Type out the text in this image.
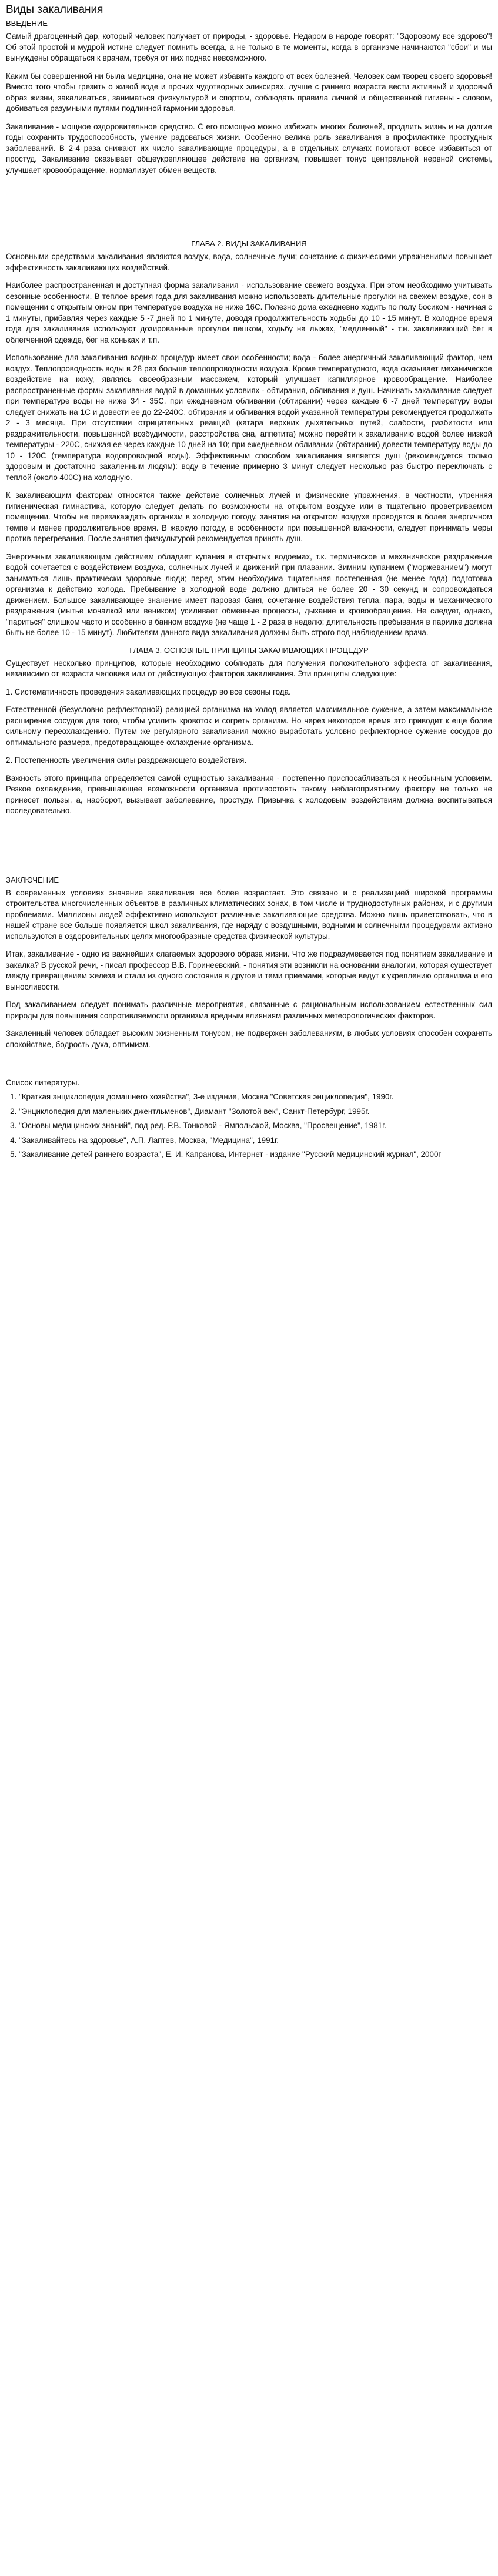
Виды закаливания
ВВЕДЕНИЕ

Самый драгоценный дар, который человек получает от природы, - здоровье. Недаром в народе говорят: "Здоровому все здорово"! Об этой простой и мудрой истине следует помнить всегда, а не только в те моменты, когда в организме начинаются "сбои" и мы вынуждены обращаться к врачам, требуя от них подчас невозможного.

Каким бы совершенной ни была медицина, она не может избавить каждого от всех болезней. Человек сам творец своего здоровья! Вместо того чтобы грезить о живой воде и прочих чудотворных эликсирах, лучше с раннего возраста вести активный и здоровый образ жизни, закаливаться, заниматься физкультурой и спортом, соблюдать правила личной и общественной гигиены - словом, добиваться разумными путями подлинной гармонии здоровья.

Закаливание - мощное оздоровительное средство. С его помощью можно избежать многих болезней, продлить жизнь и на долгие годы сохранить трудоспособность, умение радоваться жизни. Особенно велика роль закаливания в профилактике простудных заболеваний. В 2-4 раза снижают их число закаливающие процедуры, а в отдельных случаях помогают вовсе избавиться от простуд. Закаливание оказывает общеукрепляющее действие на организм, повышает тонус центральной нервной системы, улучшает кровообращение, нормализует обмен веществ.

ГЛАВА 2. ВИДЫ ЗАКАЛИВАНИЯ

Основными средствами закаливания являются воздух, вода, солнечные лучи; сочетание с физическими упражнениями повышает эффективность закаливающих воздействий.

Наиболее распространенная и доступная форма закаливания - использование свежего воздуха. При этом необходимо учитывать сезонные особенности. В теплое время года для закаливания можно использовать длительные прогулки на свежем воздухе, сон в помещении с открытым окном при температуре воздуха не ниже 16С. Полезно дома ежедневно ходить по полу босиком - начиная с 1 минуты, прибавляя через каждые 5 -7 дней по 1 минуте, доводя продолжительность ходьбы до 10 - 15 минут. В холодное время года для закаливания используют дозированные прогулки пешком, ходьбу на лыжах, "медленный" - т.н. закаливающий бег в облегченной одежде, бег на коньках и т.п.

Использование для закаливания водных процедур имеет свои особенности; вода - более энергичный закаливающий фактор, чем воздух. Теплопроводность воды в 28 раз больше теплопроводности воздуха. Кроме температурного, вода оказывает механическое воздействие на кожу, являясь своеобразным массажем, который улучшает капиллярное кровообращение. Наиболее распространенные формы закаливания водой в домашних условиях - обтирания, обливания и душ. Начинать закаливание следует при температуре воды не ниже 34 - 35С. при ежедневном обливании (обтирании) через каждые 6 -7 дней температуру воды следует снижать на 1С и довести ее до 22-240С. обтирания и обливания водой указанной температуры рекомендуется продолжать 2 - 3 месяца. При отсутствии отрицательных реакций (катара верхних дыхательных путей, слабости, разбитости или раздражительности, повышенной возбудимости, расстройства сна, аппетита) можно перейти к закаливанию водой более низкой температуры - 220С, снижая ее через каждые 10 дней на 10; при ежедневном обливании (обтирании) довести температуру воды до 10 - 120С (температура водопроводной воды). Эффективным способом закаливания является душ (рекомендуется только здоровым и достаточно закаленным людям): воду в течение примерно 3 минут следует несколько раз быстро переключать с теплой (около 400С) на холодную.

К закаливающим факторам относятся также действие солнечных лучей и физические упражнения, в частности, утренняя гигиеническая гимнастика, которую следует делать по возможности на открытом воздухе или в тщательно проветриваемом помещении. Чтобы не перезакаждать организм в холодную погоду, занятия на открытом воздухе проводятся в более энергичном темпе и менее продолжительное время. В жаркую погоду, в особенности при повышенной влажности, следует принимать меры против перегревания. После занятия физкультурой рекомендуется принять душ.

Энергичным закаливающим действием обладает купания в открытых водоемах, т.к. термическое и механическое раздражение водой сочетается с воздействием воздуха, солнечных лучей и движений при плавании. Зимним купанием ("моржеванием") могут заниматься лишь практически здоровые люди; перед этим необходима тщательная постепенная (не менее года) подготовка организма к действию холода. Пребывание в холодной воде должно длиться не более 20 - 30 секунд и сопровождаться движением. Большое закаливающее значение имеет паровая баня, сочетание воздействия тепла, пара, воды и механического раздражения (мытье мочалкой или веником) усиливает обменные процессы, дыхание и кровообращение. Не следует, однако, "париться" слишком часто и особенно в банном воздухе (не чаще 1 - 2 раза в неделю; длительность пребывания в парилке должна быть не более 10 - 15 минут). Любителям данного вида закаливания должны быть строго под наблюдением врача.

ГЛАВА 3. ОСНОВНЫЕ ПРИНЦИПЫ ЗАКАЛИВАЮЩИХ ПРОЦЕДУР

Существует несколько принципов, которые необходимо соблюдать для получения положительного эффекта от закаливания, независимо от возраста человека или от действующих факторов закаливания. Эти принципы следующие:

1. Систематичность проведения закаливающих процедур во все сезоны года.

Естественной (безусловно рефлекторной) реакцией организма на холод является максимальное сужение, а затем максимальное расширение сосудов для того, чтобы усилить кровоток и согреть организм. Но через некоторое время это приводит к еще более сильному переохлаждению. Путем же регулярного закаливания можно выработать условно рефлекторное сужение сосудов до оптимального размера, предотвращающее охлаждение организма.

2. Постепенность увеличения силы раздражающего воздействия.

Важность этого принципа определяется самой сущностью закаливания - постепенно приспосабливаться к необычным условиям. Резкое охлаждение, превышающее возможности организма противостоять такому неблагоприятному фактору не только не принесет пользы, а, наоборот, вызывает заболевание, простуду. Привычка к холодовым воздействиям должна воспитываться последовательно.

ЗАКЛЮЧЕНИЕ

В современных условиях значение закаливания все более возрастает. Это связано и с реализацией широкой программы строительства многочисленных объектов в различных климатических зонах, в том числе и труднодоступных районах, и с другими проблемами. Миллионы людей эффективно используют различные закаливающие средства. Можно лишь приветствовать, что в нашей стране все больше появляется школ закаливания, где наряду с воздушными, водными и солнечными процедурами активно используются в оздоровительных целях многообразные средства физической культуры.

Итак, закаливание - одно из важнейших слагаемых здорового образа жизни. Что же подразумевается под понятием закаливание и закалка? В русской речи, - писал профессор В.В. Горинеевский, - понятия эти возникли на основании аналогии, которая существует между превращением железа и стали из одного состояния в другое и теми приемами, которые ведут к укреплению организма и его выносливости.

Под закаливанием следует понимать различные мероприятия, связанные с рациональным использованием естественных сил природы для повышения сопротивляемости организма вредным влияниям различных метеорологических факторов.

Закаленный человек обладает высоким жизненным тонусом, не подвержен заболеваниям, в любых условиях способен сохранять спокойствие, бодрость духа, оптимизм.

Список литературы.
1. "Краткая энциклопедия домашнего хозяйства", 3-е издание, Москва "Советская энциклопедия", 1990г.
2. "Энциклопедия для маленьких джентльменов", Диамант "Золотой век", Санкт-Петербург, 1995г.
3. "Основы медицинских знаний", под ред. Р.В. Тонковой - Ямпольской, Москва, "Просвещение", 1981г.
4. "Закаливайтесь на здоровье", А.П. Лаптев, Москва, "Медицина", 1991г.
5. "Закаливание детей раннего возраста", Е. И. Капранова, Интернет - издание "Русский медицинский журнал", 2000г
